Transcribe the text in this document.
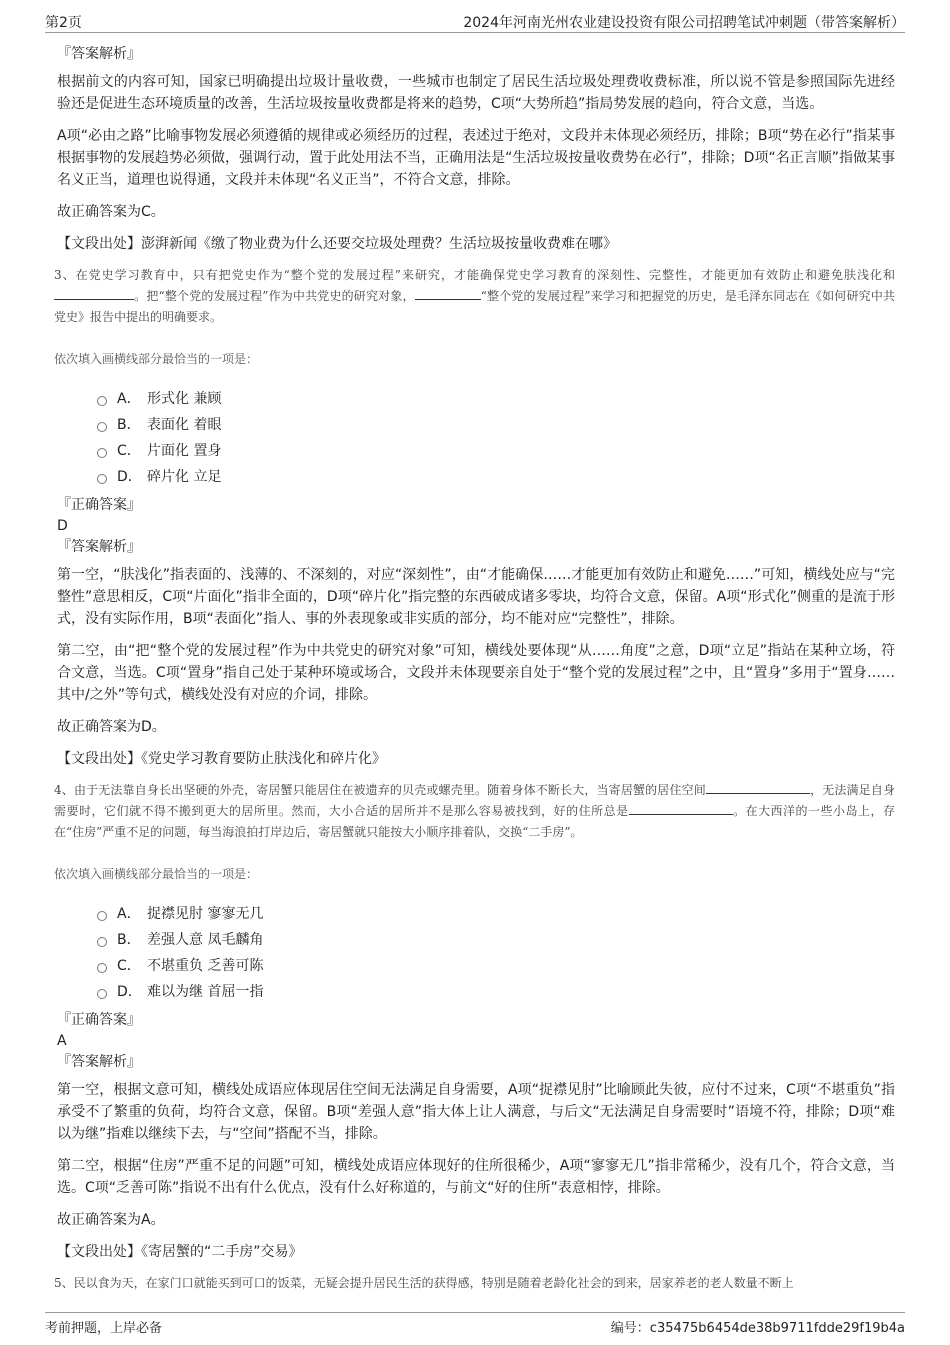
第2页	2024年河南光州农业建设投资有限公司招聘笔试冲刺题（带答案解析）
『答案解析』

根据前文的内容可知，国家已明确提出垃圾计量收费，一些城市也制定了居民生活垃圾处理费收费标准，所以说不管是参照国际先进经验还是促进生态环境质量的改善，生活垃圾按量收费都是将来的趋势，C项“大势所趋”指局势发展的趋向，符合文意，当选。

A项“必由之路”比喻事物发展必须遵循的规律或必须经历的过程，表述过于绝对，文段并未体现必须经历，排除；B项“势在必行”指某事根据事物的发展趋势必须做，强调行动，置于此处用法不当，正确用法是“生活垃圾按量收费势在必行”，排除；D项“名正言顺”指做某事名义正当，道理也说得通，文段并未体现“名义正当”，不符合文意，排除。

故正确答案为C。

【文段出处】澎湃新闻《缴了物业费为什么还要交垃圾处理费？生活垃圾按量收费难在哪》

3、在党史学习教育中，只有把党史作为“整个党的发展过程”来研究，才能确保党史学习教育的深刻性、完整性，才能更加有效防止和避免肤浅化和。把“整个党的发展过程”作为中共党史的研究对象，	“整个党的发展过程”来学习和把握党的历史，是毛泽东同志在《如何研究中共党史》报告中提出的明确要求。
依次填入画横线部分最恰当的一项是：
A． 形式化 兼顾
B． 表面化 着眼
C． 片面化 置身
D． 碎片化 立足
『正确答案』
D
『答案解析』

第一空，“肤浅化”指表面的、浅薄的、不深刻的，对应“深刻性”，由“才能确保……才能更加有效防止和避免……”可知，横线处应与“完整性”意思相反，C项“片面化”指非全面的，D项“碎片化”指完整的东西破成诸多零块，均符合文意，保留。A项“形式化”侧重的是流于形式，没有实际作用，B项“表面化”指人、事的外表现象或非实质的部分，均不能对应“完整性”，排除。

第二空，由“把“整个党的发展过程”作为中共党史的研究对象”可知，横线处要体现“从……角度”之意，D项“立足”指站在某种立场，符合文意，当选。C项“置身”指自己处于某种环境或场合，文段并未体现要亲自处于“整个党的发展过程”之中，且“置身”多用于“置身……其中/之外”等句式，横线处没有对应的介词，排除。

故正确答案为D。

【文段出处】《党史学习教育要防止肤浅化和碎片化》

4、由于无法靠自身长出坚硬的外壳，寄居蟹只能居住在被遗弃的贝壳或螺壳里。随着身体不断长大，当寄居蟹的居住空间	，无法满足自身需要时，它们就不得不搬到更大的居所里。然而，大小合适的居所并不是那么容易被找到，好的住所总是	。在大西洋的一些小岛上，存在“住房”严重不足的问题，每当海浪拍打岸边后，寄居蟹就只能按大小顺序排着队，交换“二手房”。
依次填入画横线部分最恰当的一项是：
A． 捉襟见肘 寥寥无几
B． 差强人意 凤毛麟角
C． 不堪重负 乏善可陈
D． 难以为继 首屈一指
『正确答案』
A
『答案解析』

第一空，根据文意可知，横线处成语应体现居住空间无法满足自身需要，A项“捉襟见肘”比喻顾此失彼，应付不过来，C项“不堪重负”指承受不了繁重的负荷，均符合文意，保留。B项“差强人意”指大体上让人满意，与后文“无法满足自身需要时”语境不符，排除；D项“难以为继”指难以继续下去，与“空间”搭配不当，排除。

第二空，根据“住房”严重不足的问题”可知，横线处成语应体现好的住所很稀少，A项“寥寥无几”指非常稀少，没有几个，符合文意，当选。C项“乏善可陈”指说不出有什么优点，没有什么好称道的，与前文“好的住所”表意相悖，排除。

故正确答案为A。

【文段出处】《寄居蟹的“二手房”交易》

5、民以食为天，在家门口就能买到可口的饭菜，无疑会提升居民生活的获得感，特别是随着老龄化社会的到来，居家养老的老人数量不断上
考前押题，上岸必备	编号：c35475b6454de38b9711fdde29f19b4a
